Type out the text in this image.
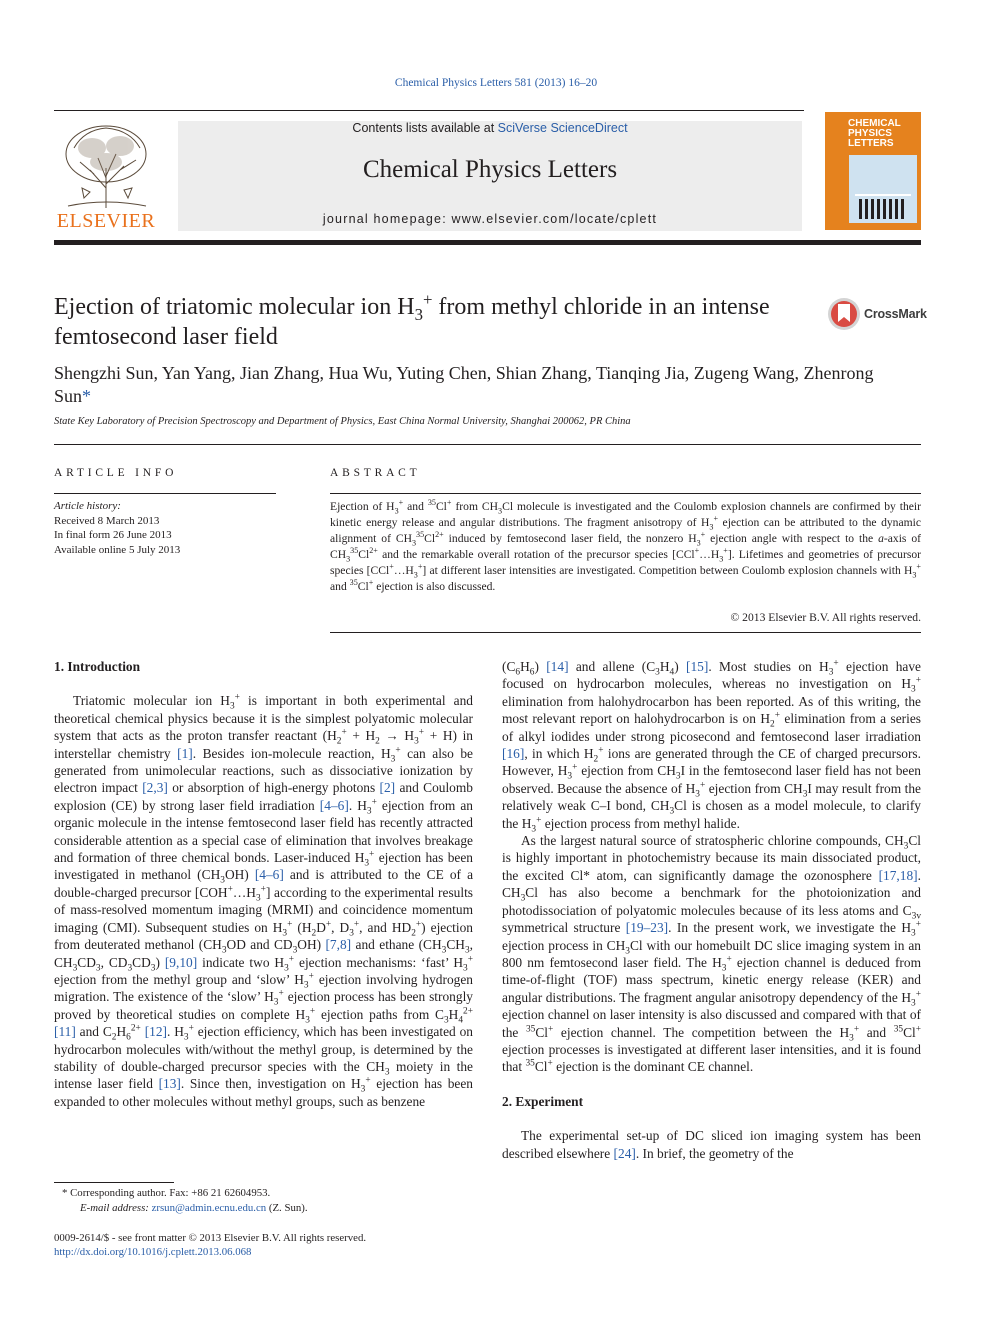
Chemical Physics Letters 581 (2013) 16–20
ELSEVIER
Contents lists available at SciVerse ScienceDirect
Chemical Physics Letters
journal homepage: www.elsevier.com/locate/cplett
CHEMICAL PHYSICS LETTERS
Ejection of triatomic molecular ion $H_3^+$ from methyl chloride in an intense femtosecond laser field
CrossMark
Shengzhi Sun, Yan Yang, Jian Zhang, Hua Wu, Yuting Chen, Shian Zhang, Tianqing Jia, Zugeng Wang, Zhenrong Sun*
State Key Laboratory of Precision Spectroscopy and Department of Physics, East China Normal University, Shanghai 200062, PR China
ARTICLE INFO	ABSTRACT
Article history:
Received 8 March 2013
In final form 26 June 2013
Available online 5 July 2013
Ejection of $H_3^+$ and $^{35}$Cl+ from $CH_3Cl$ molecule is investigated and the Coulomb explosion channels are confirmed by their kinetic energy release and angular distributions. The fragment anisotropy of $H_3^+$ ejection can be attributed to the dynamic alignment of $CH_3^{35}Cl^{2+}$ induced by femtosecond laser field, the nonzero $H_3^+$ ejection angle with respect to the a-axis of $CH_3^{35}Cl^{2+}$ and the remarkable overall rotation of the precursor species $[CCl^+\dots H_3^+]$. Lifetimes and geometries of precursor species $[CCl^+\dots H_3^+]$ at different laser intensities are investigated. Competition between Coulomb explosion channels with $H_3^+$ and $^{35}$Cl+ ejection is also discussed.
© 2013 Elsevier B.V. All rights reserved.
1. Introduction

Triatomic molecular ion $H_3^+$ is important in both experimental and theoretical chemical physics because it is the simplest polyatomic molecular system that acts as the proton transfer reactant $(H_2^+ + H_2 \to H_3^+ + H)$ in interstellar chemistry [1]. Besides ion-molecule reaction, $H_3^+$ can also be generated from unimolecular reactions, such as dissociative ionization by electron impact [2,3] or absorption of high-energy photons [2] and Coulomb explosion (CE) by strong laser field irradiation [4–6]. $H_3^+$ ejection from an organic molecule in the intense femtosecond laser field has recently attracted considerable attention as a special case of elimination that involves breakage and formation of three chemical bonds. Laser-induced $H_3^+$ ejection has been investigated in methanol $(CH_3OH)$ [4–6] and is attributed to the CE of a double-charged precursor $[COH^+\dots H_3^+]$ according to the experimental results of mass-resolved momentum imaging (MRMI) and coincidence momentum imaging (CMI). Subsequent studies on $H_3^+$ ($H_2D^+$, $D_3^+$, and $HD_2^+$) ejection from deuterated methanol ($CH_3OD$ and $CD_3OH$) [7,8] and ethane ($CH_3CH_3$, $CH_3CD_3$, $CD_3CD_3$) [9,10] indicate two $H_3^+$ ejection mechanisms: ‘fast’ $H_3^+$ ejection from the methyl group and ‘slow’ $H_3^+$ ejection involving hydrogen migration. The existence of the ‘slow’ $H_3^+$ ejection process has been strongly proved by theoretical studies on complete $H_3^+$ ejection paths from $C_3H_4^{2+}$ [11] and $C_2H_6^{2+}$ [12]. $H_3^+$ ejection efficiency, which has been investigated on hydrocarbon molecules with/without the methyl group, is determined by the stability of double-charged precursor species with the $CH_3$ moiety in the intense laser field [13]. Since then, investigation on $H_3^+$ ejection has been expanded to other molecules without methyl groups, such as benzene

$(C_6H_6)$ [14] and allene $(C_3H_4)$ [15]. Most studies on $H_3^+$ ejection have focused on hydrocarbon molecules, whereas no investigation on $H_3^+$ elimination from halohydrocarbon has been reported. As of this writing, the most relevant report on halohydrocarbon is on $H_2^+$ elimination from a series of alkyl iodides under strong picosecond and femtosecond laser irradiation [16], in which $H_2^+$ ions are generated through the CE of charged precursors. However, $H_3^+$ ejection from $CH_3I$ in the femtosecond laser field has not been observed. Because the absence of $H_3^+$ ejection from $CH_3I$ may result from the relatively weak C–I bond, $CH_3Cl$ is chosen as a model molecule, to clarify the $H_3^+$ ejection process from methyl halide.

As the largest natural source of stratospheric chlorine compounds, $CH_3Cl$ is highly important in photochemistry because its main dissociated product, the excited Cl* atom, can significantly damage the ozonosphere [17,18]. $CH_3Cl$ has also become a benchmark for the photoionization and photodissociation of polyatomic molecules because of its less atoms and $C_{3v}$ symmetrical structure [19–23]. In the present work, we investigate the $H_3^+$ ejection process in $CH_3Cl$ with our homebuilt DC slice imaging system in an 800 nm femtosecond laser field. The $H_3^+$ ejection channel is deduced from time-of-flight (TOF) mass spectrum, kinetic energy release (KER) and angular distributions. The fragment angular anisotropy dependency of the $H_3^+$ ejection channel on laser intensity is also discussed and compared with that of the $^{35}$Cl+ ejection channel. The competition between the $H_3^+$ and $^{35}$Cl+ ejection processes is investigated at different laser intensities, and it is found that $^{35}$Cl+ ejection is the dominant CE channel.

2. Experiment

The experimental set-up of DC sliced ion imaging system has been described elsewhere [24]. In brief, the geometry of the

* Corresponding author. Fax: +86 21 62604953.
E-mail address: zrsun@admin.ecnu.edu.cn (Z. Sun).
0009-2614/$ - see front matter © 2013 Elsevier B.V. All rights reserved.
http://dx.doi.org/10.1016/j.cplett.2013.06.068
